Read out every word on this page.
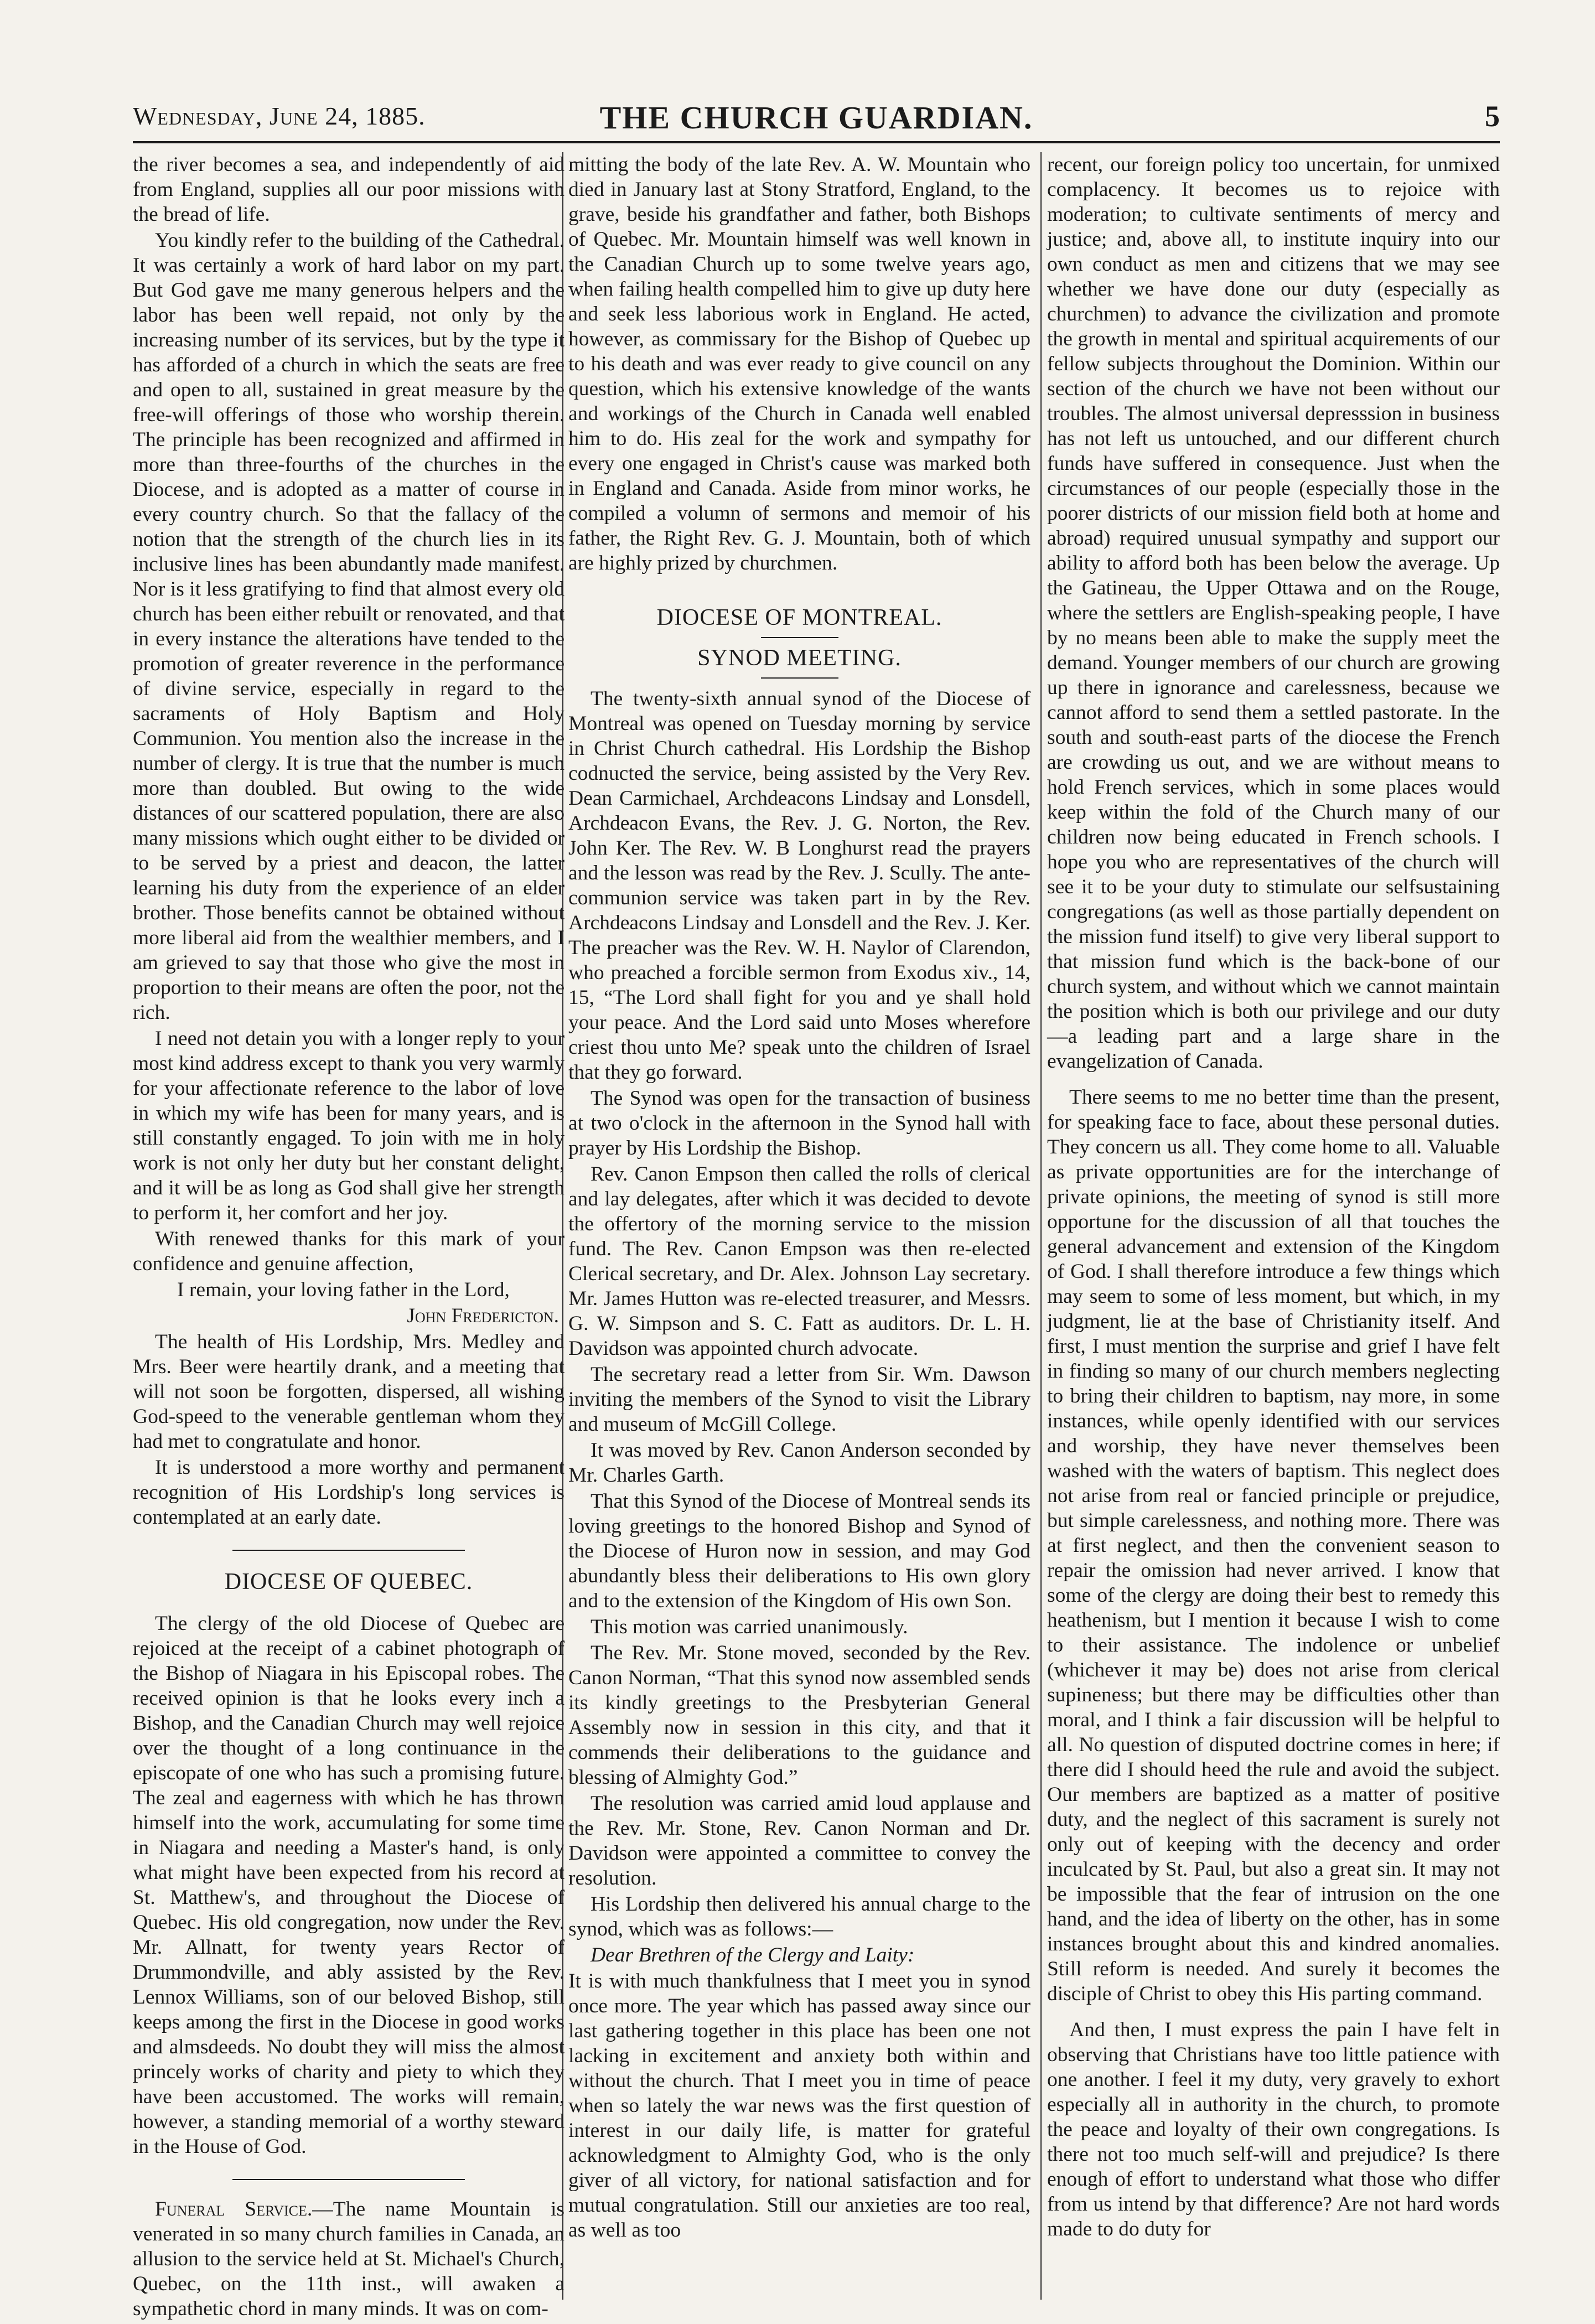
Wednesday, June 24, 1885.	THE CHURCH GUARDIAN.	5

the river becomes a sea, and independently of aid from England, supplies all our poor missions with the bread of life.

You kindly refer to the building of the Cathedral. It was certainly a work of hard labor on my part. But God gave me many generous helpers and the labor has been well repaid, not only by the increasing number of its services, but by the type it has afforded of a church in which the seats are free and open to all, sustained in great measure by the free-will offerings of those who worship therein. The principle has been recognized and affirmed in more than three-fourths of the churches in the Diocese, and is adopted as a matter of course in every country church. So that the fallacy of the notion that the strength of the church lies in its inclusive lines has been abundantly made manifest. Nor is it less gratifying to find that almost every old church has been either rebuilt or renovated, and that in every instance the alterations have tended to the promotion of greater reverence in the performance of divine service, especially in regard to the sacraments of Holy Baptism and Holy Communion. You mention also the increase in the number of clergy. It is true that the number is much more than doubled. But owing to the wide distances of our scattered population, there are also many missions which ought either to be divided or to be served by a priest and deacon, the latter learning his duty from the experience of an elder brother. Those benefits cannot be obtained without more liberal aid from the wealthier members, and I am grieved to say that those who give the most in proportion to their means are often the poor, not the rich.

I need not detain you with a longer reply to your most kind address except to thank you very warmly for your affectionate reference to the labor of love in which my wife has been for many years, and is still constantly engaged. To join with me in holy work is not only her duty but her constant delight, and it will be as long as God shall give her strength to perform it, her comfort and her joy.

With renewed thanks for this mark of your confidence and genuine affection,

I remain, your loving father in the Lord,

John Fredericton.

The health of His Lordship, Mrs. Medley and Mrs. Beer were heartily drank, and a meeting that will not soon be forgotten, dispersed, all wishing God-speed to the venerable gentleman whom they had met to congratulate and honor.

It is understood a more worthy and permanent recognition of His Lordship's long services is contemplated at an early date.

DIOCESE OF QUEBEC.

The clergy of the old Diocese of Quebec are rejoiced at the receipt of a cabinet photograph of the Bishop of Niagara in his Episcopal robes. The received opinion is that he looks every inch a Bishop, and the Canadian Church may well rejoice over the thought of a long continuance in the episcopate of one who has such a promising future. The zeal and eagerness with which he has thrown himself into the work, accumulating for some time in Niagara and needing a Master's hand, is only what might have been expected from his record at St. Matthew's, and throughout the Diocese of Quebec. His old congregation, now under the Rev. Mr. Allnatt, for twenty years Rector of Drummondville, and ably assisted by the Rev. Lennox Williams, son of our beloved Bishop, still keeps among the first in the Diocese in good works and almsdeeds. No doubt they will miss the almost princely works of charity and piety to which they have been accustomed. The works will remain, however, a standing memorial of a worthy steward in the House of God.

Funeral Service.—The name Mountain is venerated in so many church families in Canada, an allusion to the service held at St. Michael's Church, Quebec, on the 11th inst., will awaken a sympathetic chord in many minds. It was on com-

mitting the body of the late Rev. A. W. Mountain who died in January last at Stony Stratford, England, to the grave, beside his grandfather and father, both Bishops of Quebec. Mr. Mountain himself was well known in the Canadian Church up to some twelve years ago, when failing health compelled him to give up duty here and seek less laborious work in England. He acted, however, as commissary for the Bishop of Quebec up to his death and was ever ready to give council on any question, which his extensive knowledge of the wants and workings of the Church in Canada well enabled him to do. His zeal for the work and sympathy for every one engaged in Christ's cause was marked both in England and Canada. Aside from minor works, he compiled a volumn of sermons and memoir of his father, the Right Rev. G. J. Mountain, both of which are highly prized by churchmen.

DIOCESE OF MONTREAL.
SYNOD MEETING.

The twenty-sixth annual synod of the Diocese of Montreal was opened on Tuesday morning by service in Christ Church cathedral. His Lordship the Bishop codnucted the service, being assisted by the Very Rev. Dean Carmichael, Archdeacons Lindsay and Lonsdell, Archdeacon Evans, the Rev. J. G. Norton, the Rev. John Ker. The Rev. W. B Longhurst read the prayers and the lesson was read by the Rev. J. Scully. The ante-communion service was taken part in by the Rev. Archdeacons Lindsay and Lonsdell and the Rev. J. Ker. The preacher was the Rev. W. H. Naylor of Clarendon, who preached a forcible sermon from Exodus xiv., 14, 15, “The Lord shall fight for you and ye shall hold your peace. And the Lord said unto Moses wherefore criest thou unto Me? speak unto the children of Israel that they go forward.

The Synod was open for the transaction of business at two o'clock in the afternoon in the Synod hall with prayer by His Lordship the Bishop.

Rev. Canon Empson then called the rolls of clerical and lay delegates, after which it was decided to devote the offertory of the morning service to the mission fund. The Rev. Canon Empson was then re-elected Clerical secretary, and Dr. Alex. Johnson Lay secretary. Mr. James Hutton was re-elected treasurer, and Messrs. G. W. Simpson and S. C. Fatt as auditors. Dr. L. H. Davidson was appointed church advocate.

The secretary read a letter from Sir. Wm. Dawson inviting the members of the Synod to visit the Library and museum of McGill College.

It was moved by Rev. Canon Anderson seconded by Mr. Charles Garth.

That this Synod of the Diocese of Montreal sends its loving greetings to the honored Bishop and Synod of the Diocese of Huron now in session, and may God abundantly bless their deliberations to His own glory and to the extension of the Kingdom of His own Son.

This motion was carried unanimously.

The Rev. Mr. Stone moved, seconded by the Rev. Canon Norman, “That this synod now assembled sends its kindly greetings to the Presbyterian General Assembly now in session in this city, and that it commends their deliberations to the guidance and blessing of Almighty God.”

The resolution was carried amid loud applause and the Rev. Mr. Stone, Rev. Canon Norman and Dr. Davidson were appointed a committee to convey the resolution.

His Lordship then delivered his annual charge to the synod, which was as follows:—

Dear Brethren of the Clergy and Laity:

It is with much thankfulness that I meet you in synod once more. The year which has passed away since our last gathering together in this place has been one not lacking in excitement and anxiety both within and without the church. That I meet you in time of peace when so lately the war news was the first question of interest in our daily life, is matter for grateful acknowledgment to Almighty God, who is the only giver of all victory, for national satisfaction and for mutual congratulation. Still our anxieties are too real, as well as too

recent, our foreign policy too uncertain, for unmixed complacency. It becomes us to rejoice with moderation; to cultivate sentiments of mercy and justice; and, above all, to institute inquiry into our own conduct as men and citizens that we may see whether we have done our duty (especially as churchmen) to advance the civilization and promote the growth in mental and spiritual acquirements of our fellow subjects throughout the Dominion. Within our section of the church we have not been without our troubles. The almost universal depresssion in business has not left us untouched, and our different church funds have suffered in consequence. Just when the circumstances of our people (especially those in the poorer districts of our mission field both at home and abroad) required unusual sympathy and support our ability to afford both has been below the average. Up the Gatineau, the Upper Ottawa and on the Rouge, where the settlers are English-speaking people, I have by no means been able to make the supply meet the demand. Younger members of our church are growing up there in ignorance and carelessness, because we cannot afford to send them a settled pastorate. In the south and south-east parts of the diocese the French are crowding us out, and we are without means to hold French services, which in some places would keep within the fold of the Church many of our children now being educated in French schools. I hope you who are representatives of the church will see it to be your duty to stimulate our selfsustaining congregations (as well as those partially dependent on the mission fund itself) to give very liberal support to that mission fund which is the back-bone of our church system, and without which we cannot maintain the position which is both our privilege and our duty—a leading part and a large share in the evangelization of Canada.

There seems to me no better time than the present, for speaking face to face, about these personal duties. They concern us all. They come home to all. Valuable as private opportunities are for the interchange of private opinions, the meeting of synod is still more opportune for the discussion of all that touches the general advancement and extension of the Kingdom of God. I shall therefore introduce a few things which may seem to some of less moment, but which, in my judgment, lie at the base of Christianity itself. And first, I must mention the surprise and grief I have felt in finding so many of our church members neglecting to bring their children to baptism, nay more, in some instances, while openly identified with our services and worship, they have never themselves been washed with the waters of baptism. This neglect does not arise from real or fancied principle or prejudice, but simple carelessness, and nothing more. There was at first neglect, and then the convenient season to repair the omission had never arrived. I know that some of the clergy are doing their best to remedy this heathenism, but I mention it because I wish to come to their assistance. The indolence or unbelief (whichever it may be) does not arise from clerical supineness; but there may be difficulties other than moral, and I think a fair discussion will be helpful to all. No question of disputed doctrine comes in here; if there did I should heed the rule and avoid the subject. Our members are baptized as a matter of positive duty, and the neglect of this sacrament is surely not only out of keeping with the decency and order inculcated by St. Paul, but also a great sin. It may not be impossible that the fear of intrusion on the one hand, and the idea of liberty on the other, has in some instances brought about this and kindred anomalies. Still reform is needed. And surely it becomes the disciple of Christ to obey this His parting command.

And then, I must express the pain I have felt in observing that Christians have too little patience with one another. I feel it my duty, very gravely to exhort especially all in authority in the church, to promote the peace and loyalty of their own congregations. Is there not too much self-will and prejudice? Is there enough of effort to understand what those who differ from us intend by that difference? Are not hard words made to do duty for
